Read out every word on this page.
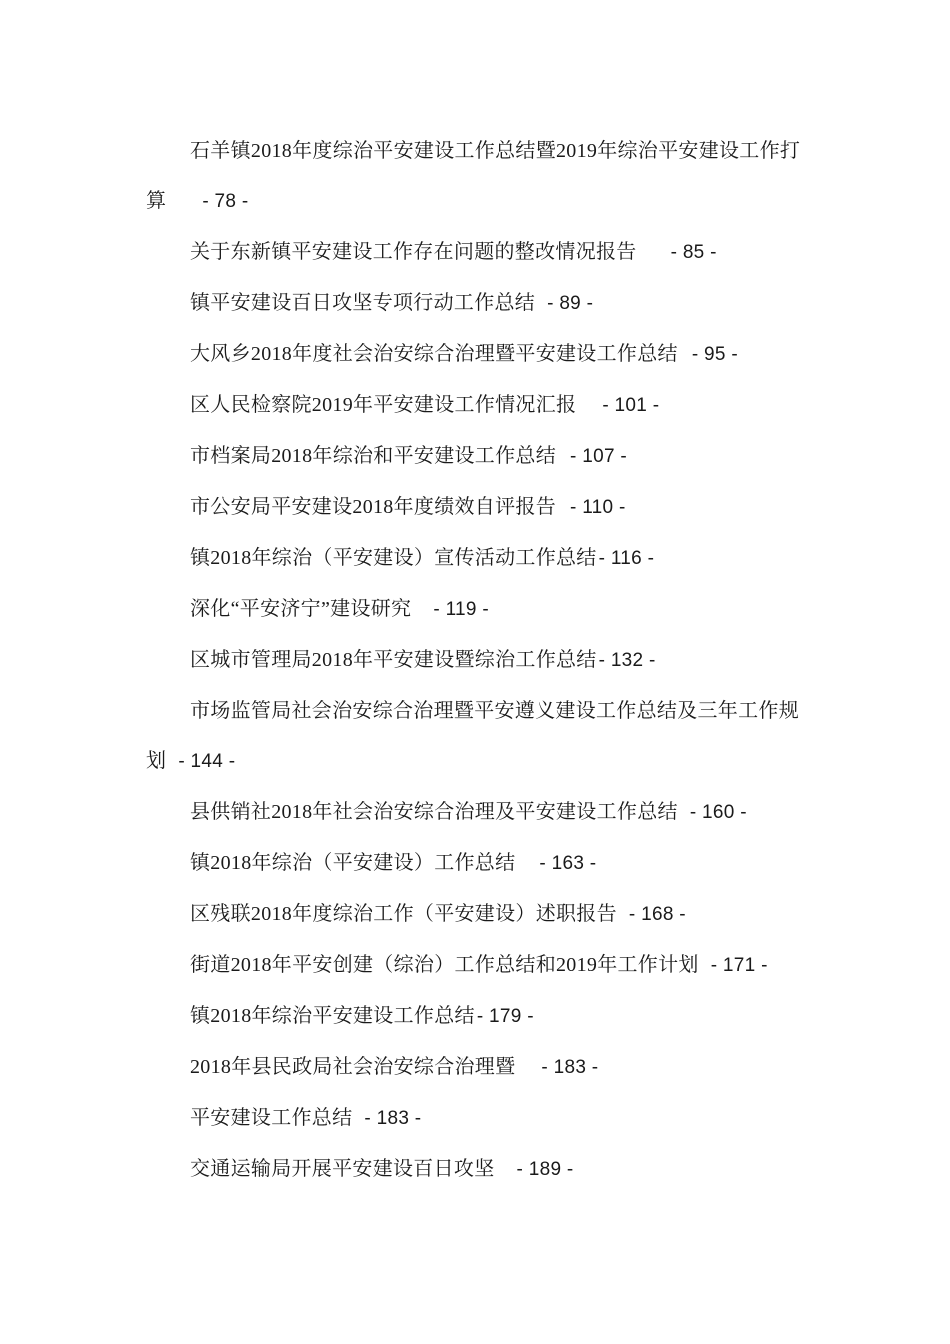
石羊镇2018年度综治平安建设工作总结暨2019年综治平安建设工作打算 - 78 -
关于东新镇平安建设工作存在问题的整改情况报告 - 85 -
镇平安建设百日攻坚专项行动工作总结 - 89 -
大风乡2018年度社会治安综合治理暨平安建设工作总结 - 95 -
区人民检察院2019年平安建设工作情况汇报 - 101 -
市档案局2018年综治和平安建设工作总结 - 107 -
市公安局平安建设2018年度绩效自评报告 - 110 -
镇2018年综治（平安建设）宣传活动工作总结 - 116 -
深化“平安济宁”建设研究 - 119 -
区城市管理局2018年平安建设暨综治工作总结 - 132 -
市场监管局社会治安综合治理暨平安遵义建设工作总结及三年工作规划 - 144 -
县供销社2018年社会治安综合治理及平安建设工作总结 - 160 -
镇2018年综治（平安建设）工作总结 - 163 -
区残联2018年度综治工作（平安建设）述职报告 - 168 -
街道2018年平安创建（综治）工作总结和2019年工作计划 - 171 -
镇2018年综治平安建设工作总结 - 179 -
2018年县民政局社会治安综合治理暨 - 183 -
平安建设工作总结 - 183 -
交通运输局开展平安建设百日攻坚 - 189 -
